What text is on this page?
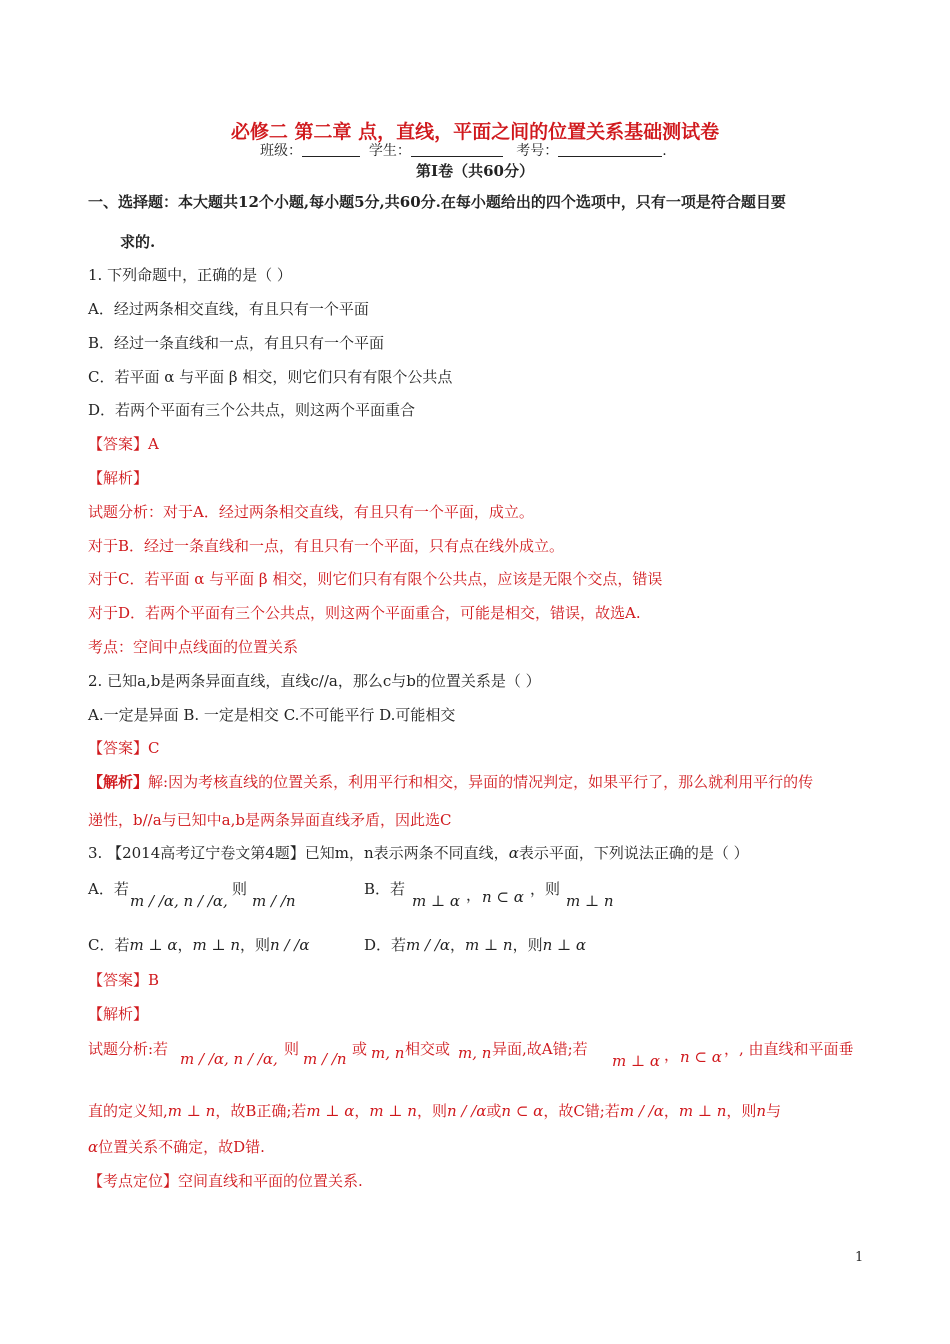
必修二 第二章 点，直线，平面之间的位置关系基础测试卷
班级：	学生：	考号：	.
第Ⅰ卷（共60分）
一、选择题：本大题共12个小题,每小题5分,共60分.在每小题给出的四个选项中，只有一项是符合题目要
求的.
1. 下列命题中，正确的是（ ）
A．经过两条相交直线，有且只有一个平面
B．经过一条直线和一点，有且只有一个平面
C．若平面 α 与平面 β 相交，则它们只有有限个公共点
D．若两个平面有三个公共点，则这两个平面重合
【答案】A
【解析】
试题分析：对于A．经过两条相交直线，有且只有一个平面，成立。
对于B．经过一条直线和一点，有且只有一个平面，只有点在线外成立。
对于C．若平面 α 与平面 β 相交，则它们只有有限个公共点，应该是无限个交点，错误
对于D．若两个平面有三个公共点，则这两个平面重合，可能是相交，错误，故选A.
考点：空间中点线面的位置关系
2. 已知a,b是两条异面直线，直线c//a，那么c与b的位置关系是（ ）
A.一定是异面 B. 一定是相交 C.不可能平行 D.可能相交
【答案】C
【解析】解:因为考核直线的位置关系，利用平行和相交，异面的情况判定，如果平行了，那么就利用平行的传
递性，b//a与已知中a,b是两条异面直线矛盾，因此选C
3. 【2014高考辽宁卷文第4题】已知m，n表示两条不同直线，α表示平面，下列说法正确的是（ ）
A．若
m / /α, n / /α,
则
m / /n
B．若
m ⊥ α ， n ⊂ α ，则
m ⊥ n
C．若m ⊥ α，m ⊥ n，则n / /α	D．若m / /α，m ⊥ n，则n ⊥ α
【答案】B
【解析】
试题分析:若
m / /α, n / /α,
则
m / /n
或 m, n 相交或 m, n 异面,故A错;若
m ⊥ α ， n ⊂ α ，, 由直线和平面垂
直的定义知,m ⊥ n，故B正确;若m ⊥ α，m ⊥ n，则n / /α或n ⊂ α，故C错;若m / /α，m ⊥ n，则n与
α位置关系不确定，故D错.
【考点定位】空间直线和平面的位置关系.
1
